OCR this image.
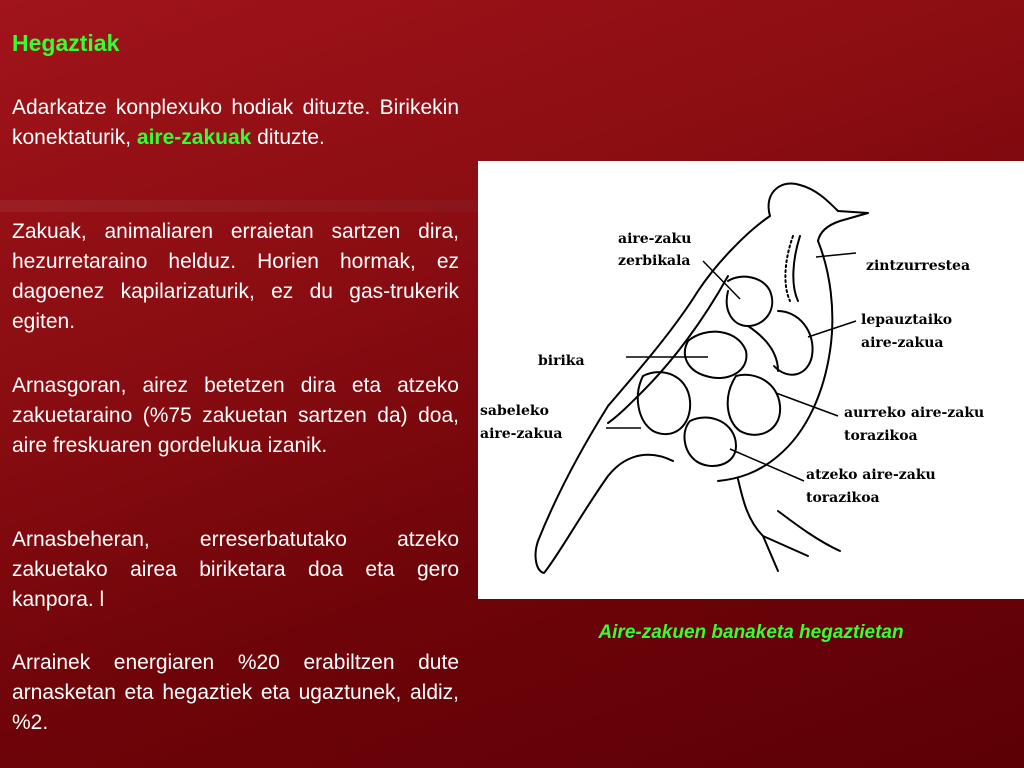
Hegaztiak
Adarkatze konplexuko hodiak dituzte. Birikekin konektaturik, aire-zakuak dituzte.
Zakuak, animaliaren erraietan sartzen dira, hezurretaraino helduz. Horien hormak, ez dagoenez kapilarizaturik, ez du gas-trukerik egiten.
Arnasgoran, airez betetzen dira eta atzeko zakuetaraino (%75 zakuetan sartzen da) doa, aire freskuaren gordelukua izanik.
Arnasbeheran, erreserbatutako atzeko zakuetako airea biriketara doa eta gero kanpora. l
Arrainek energiaren %20 erabiltzen dute arnasketan eta hegaztiek eta ugaztunek, aldiz, %2.
aire-zaku
zerbikala	zintzurrestea
lepauztaiko
aire-zakua
birika
sabeleko
aire-zakua
aurreko aire-zaku
torazikoa
atzeko aire-zaku
torazikoa
Aire-zakuen banaketa hegaztietan
